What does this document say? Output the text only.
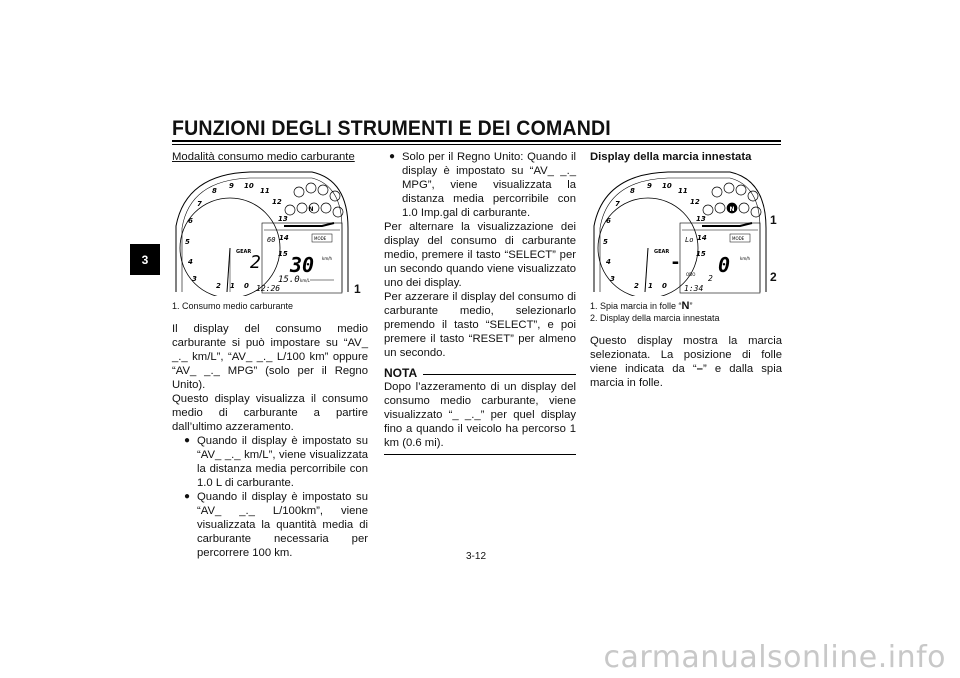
FUNZIONI DEGLI STRUMENTI E DEI COMANDI
3

Modalità consumo medio carburante

3
4
5
6
7
8
9 10
11
12
13
14
15
2 1 0
N
60	MODE
GEAR
2 30 km/h
15.0 km/L
12:26	1

1. Consumo medio carburante

Il display del consumo medio carburante si può impostare su “AV_ _._ km/L”, “AV_ _._ L/100 km” oppure “AV_ _._ MPG” (solo per il Regno Unito).

Questo display visualizza il consumo medio di carburante a partire dall’ultimo azzeramento.

● Quando il display è impostato su “AV_ _._ km/L”, viene visualizzata la distanza media percorribile con 1.0 L di carburante.
● Quando il display è impostato su “AV_ _._ L/100km”, viene visualizzata la quantità media di carburante necessaria per percorrere 100 km.
● Solo per il Regno Unito: Quando il display è impostato su “AV_ _._ MPG”, viene visualizzata la distanza media percorribile con 1.0 Imp.gal di carburante.

Per alternare la visualizzazione dei display del consumo di carburante medio, premere il tasto “SELECT” per un secondo quando viene visualizzato uno dei display.

Per azzerare il display del consumo di carburante medio, selezionarlo premendo il tasto “SELECT”, e poi premere il tasto “RESET” per almeno un secondo.

NOTA

Dopo l’azzeramento di un display del consumo medio carburante, viene visualizzato “_ _._” per quel display fino a quando il veicolo ha percorso 1 km (0.6 mi).

Display della marcia innestata

3
4
5
6
7
8
9 10
11
12
13
14
15
2 1 0
N
Lo	MODE
GEAR - 0 km/h
ODO 2
1:34
1
2

1. Spia marcia in folle “N”

2. Display della marcia innestata

Questo display mostra la marcia selezionata. La posizione di folle viene indicata da “–” e dalla spia marcia in folle.

3-12
carmanualsonline.info
